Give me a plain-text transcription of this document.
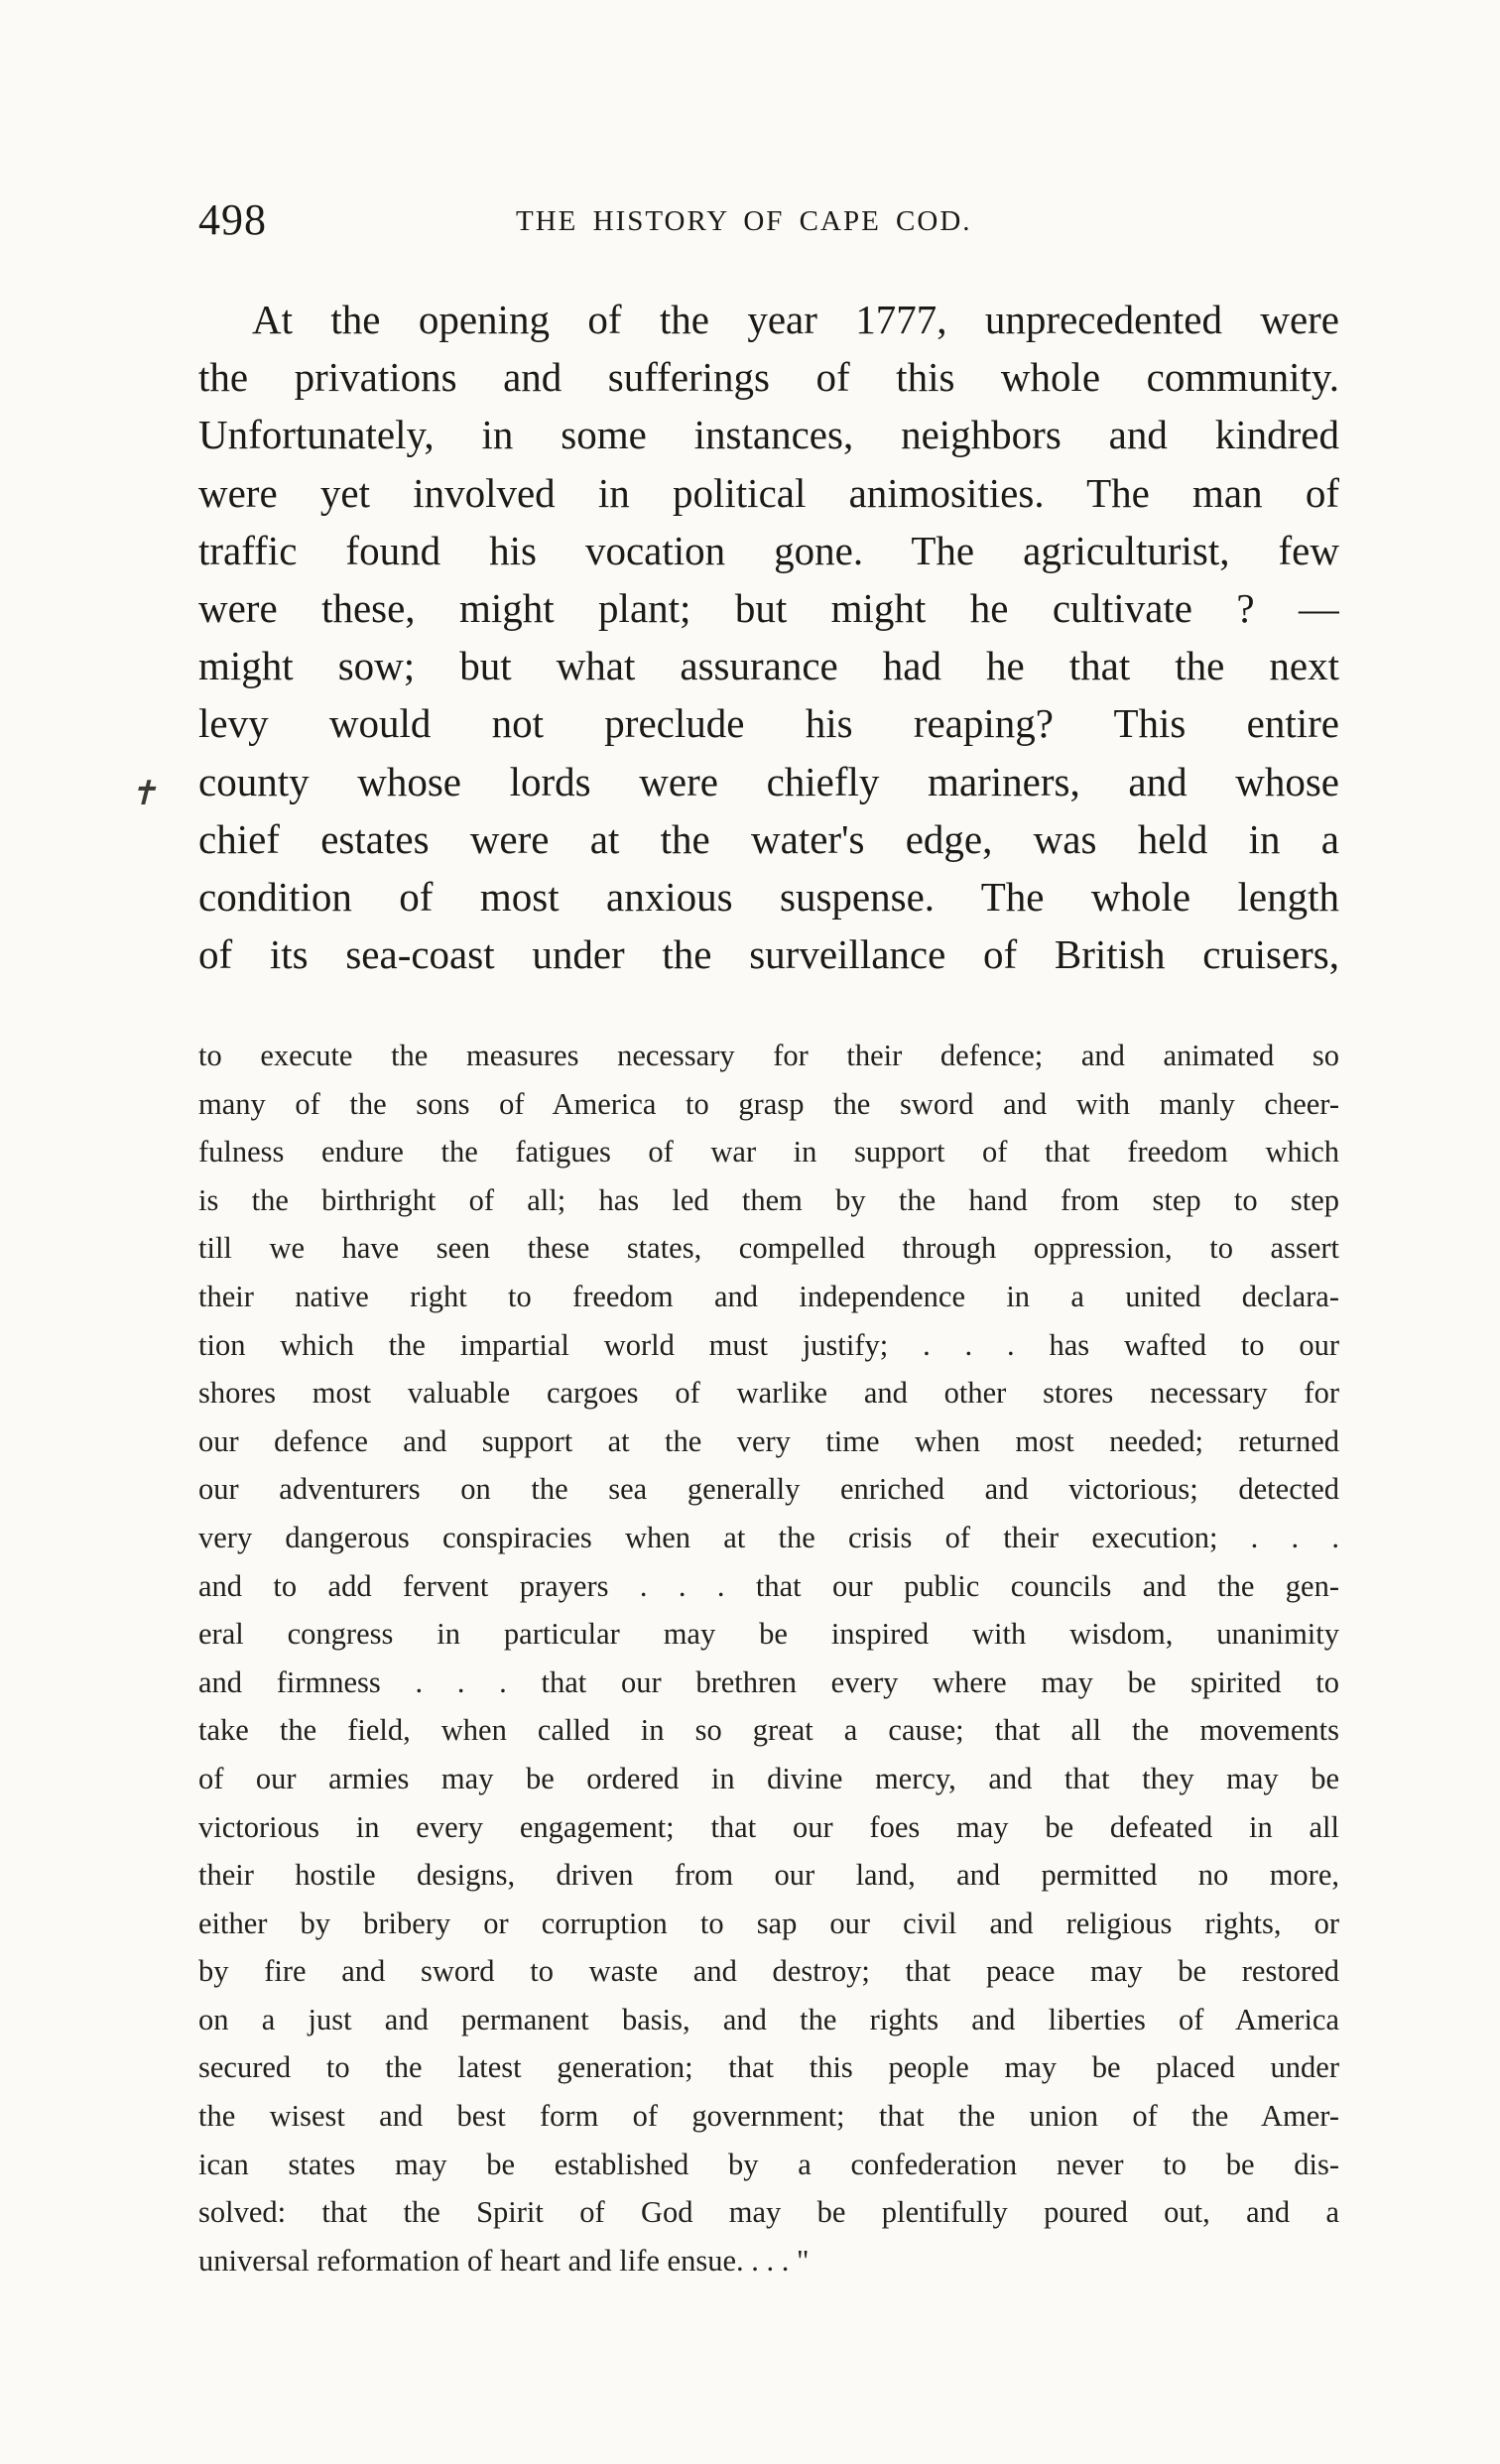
498	THE HISTORY OF CAPE COD.
✝
At the opening of the year 1777, unprecedented were
the privations and sufferings of this whole community.
Unfortunately, in some instances, neighbors and kindred
were yet involved in political animosities. The man of
traffic found his vocation gone. The agriculturist, few
were these, might plant; but might he cultivate ? —
might sow; but what assurance had he that the next
levy would not preclude his reaping? This entire
county whose lords were chiefly mariners, and whose
chief estates were at the water's edge, was held in a
condition of most anxious suspense. The whole length
of its sea-coast under the surveillance of British cruisers,
to execute the measures necessary for their defence; and animated so
many of the sons of America to grasp the sword and with manly cheer-
fulness endure the fatigues of war in support of that freedom which
is the birthright of all; has led them by the hand from step to step
till we have seen these states, compelled through oppression, to assert
their native right to freedom and independence in a united declara-
tion which the impartial world must justify; . . . has wafted to our
shores most valuable cargoes of warlike and other stores necessary for
our defence and support at the very time when most needed; returned
our adventurers on the sea generally enriched and victorious; detected
very dangerous conspiracies when at the crisis of their execution; . . .
and to add fervent prayers . . . that our public councils and the gen-
eral congress in particular may be inspired with wisdom, unanimity
and firmness . . . that our brethren every where may be spirited to
take the field, when called in so great a cause; that all the movements
of our armies may be ordered in divine mercy, and that they may be
victorious in every engagement; that our foes may be defeated in all
their hostile designs, driven from our land, and permitted no more,
either by bribery or corruption to sap our civil and religious rights, or
by fire and sword to waste and destroy; that peace may be restored
on a just and permanent basis, and the rights and liberties of America
secured to the latest generation; that this people may be placed under
the wisest and best form of government; that the union of the Amer-
ican states may be established by a confederation never to be dis-
solved: that the Spirit of God may be plentifully poured out, and a
universal reformation of heart and life ensue. . . . "
